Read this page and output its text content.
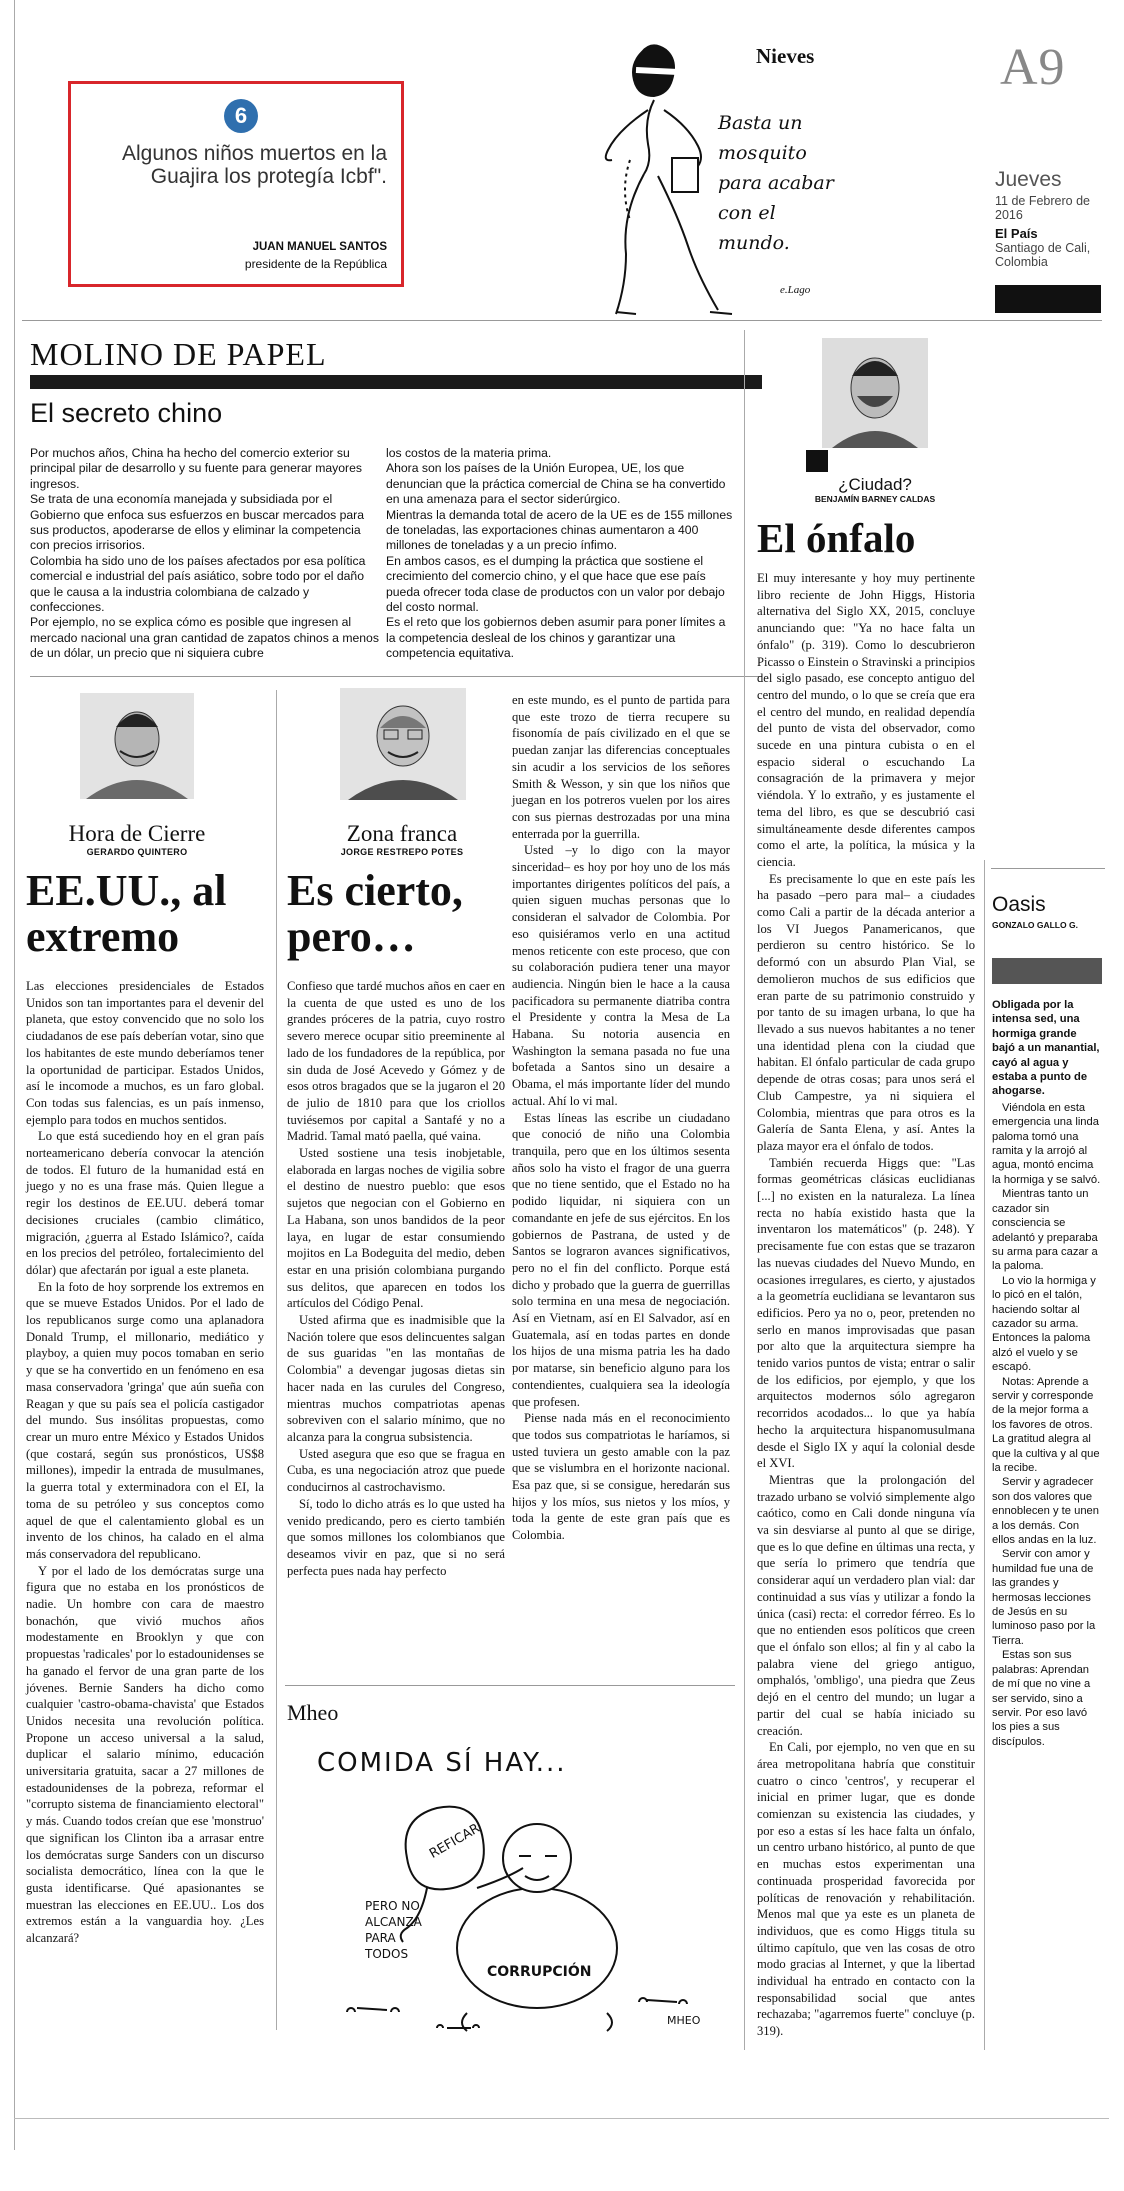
6
Algunos niños muertos en la Guajira los protegía Icbf".
JUAN MANUEL SANTOS
presidente de la República
Nieves
Basta un mosquito para acabar con el mundo.
e.Lago
A9
Jueves
11 de Febrero de 2016
El País
Santiago de Cali, Colombia
MOLINO DE PAPEL
El secreto chino
Por muchos años, China ha hecho del comercio exterior su principal pilar de desarrollo y su fuente para generar mayores ingresos.
Se trata de una economía manejada y subsidiada por el Gobierno que enfoca sus esfuerzos en buscar mercados para sus productos, apoderarse de ellos y eliminar la competencia con precios irrisorios.
Colombia ha sido uno de los países afectados por esa política comercial e industrial del país asiático, sobre todo por el daño que le causa a la industria colombiana de calzado y confecciones.
Por ejemplo, no se explica cómo es posible que ingresen al mercado nacional una gran cantidad de zapatos chinos a menos de un dólar, un precio que ni siquiera cubre
los costos de la materia prima.
Ahora son los países de la Unión Europea, UE, los que denuncian que la práctica comercial de China se ha convertido en una amenaza para el sector siderúrgico.
Mientras la demanda total de acero de la UE es de 155 millones de toneladas, las exportaciones chinas aumentaron a 400 millones de toneladas y a un precio ínfimo.
En ambos casos, es el dumping la práctica que sostiene el crecimiento del comercio chino, y el que hace que ese país pueda ofrecer toda clase de productos con un valor por debajo del costo normal.
Es el reto que los gobiernos deben asumir para poner límites a la competencia desleal de los chinos y garantizar una competencia equitativa.
¿Ciudad?
BENJAMÍN BARNEY CALDAS
El ónfalo

El muy interesante y hoy muy pertinente libro reciente de John Higgs, Historia alternativa del Siglo XX, 2015, concluye anunciando que: "Ya no hace falta un ónfalo" (p. 319). Como lo descubrieron Picasso o Einstein o Stravinski a principios del siglo pasado, ese concepto antiguo del centro del mundo, o lo que se creía que era el centro del mundo, en realidad dependía del punto de vista del observador, como sucede en una pintura cubista o en el espacio sideral o escuchando La consagración de la primavera y mejor viéndola. Y lo extraño, y es justamente el tema del libro, es que se descubrió casi simultáneamente desde diferentes campos como el arte, la política, la música y la ciencia.

Es precisamente lo que en este país les ha pasado –pero para mal– a ciudades como Cali a partir de la década anterior a los VI Juegos Panamericanos, que perdieron su centro histórico. Se lo deformó con un absurdo Plan Vial, se demolieron muchos de sus edificios que eran parte de su patrimonio construido y por tanto de su imagen urbana, lo que ha llevado a sus nuevos habitantes a no tener una identidad plena con la ciudad que habitan. El ónfalo particular de cada grupo depende de otras cosas; para unos será el Club Campestre, ya ni siquiera el Colombia, mientras que para otros es la Galería de Santa Elena, y así. Antes la plaza mayor era el ónfalo de todos.

También recuerda Higgs que: "Las formas geométricas clásicas euclidianas [...] no existen en la naturaleza. La línea recta no había existido hasta que la inventaron los matemáticos" (p. 248). Y precisamente fue con estas que se trazaron las nuevas ciudades del Nuevo Mundo, en ocasiones irregulares, es cierto, y ajustados a la geometría euclidiana se levantaron sus edificios. Pero ya no o, peor, pretenden no serlo en manos improvisadas que pasan por alto que la arquitectura siempre ha tenido varios puntos de vista; entrar o salir de los edificios, por ejemplo, y que los arquitectos modernos sólo agregaron recorridos acodados... lo que ya había hecho la arquitectura hispanomusulmana desde el Siglo IX y aquí la colonial desde el XVI.

Mientras que la prolongación del trazado urbano se volvió simplemente algo caótico, como en Cali donde ninguna vía va sin desviarse al punto al que se dirige, que es lo que define en últimas una recta, y que sería lo primero que tendría que considerar aquí un verdadero plan vial: dar continuidad a sus vías y utilizar a fondo la única (casi) recta: el corredor férreo. Es lo que no entienden esos políticos que creen que el ónfalo son ellos; al fin y al cabo la palabra viene del griego antiguo, omphalós, 'ombligo', una piedra que Zeus dejó en el centro del mundo; un lugar a partir del cual se había iniciado su creación.

En Cali, por ejemplo, no ven que en su área metropolitana habría que constituir cuatro o cinco 'centros', y recuperar el inicial en primer lugar, que es donde comienzan su existencia las ciudades, y por eso a estas sí les hace falta un ónfalo, un centro urbano histórico, al punto de que en muchas estos experimentan una continuada prosperidad favorecida por políticas de renovación y rehabilitación. Menos mal que ya este es un planeta de individuos, que es como Higgs titula su último capítulo, que ven las cosas de otro modo gracias al Internet, y que la libertad individual ha entrado en contacto con la responsabilidad social que antes rechazaba; "agarremos fuerte" concluye (p. 319).

Oasis
GONZALO GALLO G.
Obligada por la intensa sed, una hormiga grande bajó a un manantial, cayó al agua y estaba a punto de ahogarse.
Viéndola en esta emergencia una linda paloma tomó una ramita y la arrojó al agua, montó encima la hormiga y se salvó.
Mientras tanto un cazador sin consciencia se adelantó y preparaba su arma para cazar a la paloma.
Lo vio la hormiga y lo picó en el talón, haciendo soltar al cazador su arma. Entonces la paloma alzó el vuelo y se escapó.
Notas: Aprende a servir y corresponde de la mejor forma a los favores de otros. La gratitud alegra al que la cultiva y al que la recibe.
Servir y agradecer son dos valores que ennoblecen y te unen a los demás. Con ellos andas en la luz.
Servir con amor y humildad fue una de las grandes y hermosas lecciones de Jesús en su luminoso paso por la Tierra.
Estas son sus palabras: Aprendan de mí que no vine a ser servido, sino a servir. Por eso lavó los pies a sus discípulos.
Hora de Cierre
GERARDO QUINTERO
EE.UU., al extremo

Las elecciones presidenciales de Estados Unidos son tan importantes para el devenir del planeta, que estoy convencido que no solo los ciudadanos de ese país deberían votar, sino que los habitantes de este mundo deberíamos tener la oportunidad de participar. Estados Unidos, así le incomode a muchos, es un faro global. Con todas sus falencias, es un país inmenso, ejemplo para todos en muchos sentidos.

Lo que está sucediendo hoy en el gran país norteamericano debería convocar la atención de todos. El futuro de la humanidad está en juego y no es una frase más. Quien llegue a regir los destinos de EE.UU. deberá tomar decisiones cruciales (cambio climático, migración, ¿guerra al Estado Islámico?, caída en los precios del petróleo, fortalecimiento del dólar) que afectarán por igual a este planeta.

En la foto de hoy sorprende los extremos en que se mueve Estados Unidos. Por el lado de los republicanos surge como una aplanadora Donald Trump, el millonario, mediático y playboy, a quien muy pocos tomaban en serio y que se ha convertido en un fenómeno en esa masa conservadora 'gringa' que aún sueña con Reagan y que su país sea el policía castigador del mundo. Sus insólitas propuestas, como crear un muro entre México y Estados Unidos (que costará, según sus pronósticos, US$8 millones), impedir la entrada de musulmanes, la guerra total y exterminadora con el EI, la toma de su petróleo y sus conceptos como aquel de que el calentamiento global es un invento de los chinos, ha calado en el alma más conservadora del republicano.

Y por el lado de los demócratas surge una figura que no estaba en los pronósticos de nadie. Un hombre con cara de maestro bonachón, que vivió muchos años modestamente en Brooklyn y que con propuestas 'radicales' por lo estadounidenses se ha ganado el fervor de una gran parte de los jóvenes. Bernie Sanders ha dicho como cualquier 'castro-obama-chavista' que Estados Unidos necesita una revolución política. Propone un acceso universal a la salud, duplicar el salario mínimo, educación universitaria gratuita, sacar a 27 millones de estadounidenses de la pobreza, reformar el "corrupto sistema de financiamiento electoral" y más. Cuando todos creían que ese 'monstruo' que significan los Clinton iba a arrasar entre los demócratas surge Sanders con un discurso socialista democrático, línea con la que le gusta identificarse. Qué apasionantes se muestran las elecciones en EE.UU.. Los dos extremos están a la vanguardia hoy. ¿Les alcanzará?

Zona franca
JORGE RESTREPO POTES
Es cierto, pero…

Confieso que tardé muchos años en caer en la cuenta de que usted es uno de los grandes próceres de la patria, cuyo rostro severo merece ocupar sitio preeminente al lado de los fundadores de la república, por sin duda de José Acevedo y Gómez y de esos otros bragados que se la jugaron el 20 de julio de 1810 para que los criollos tuviésemos por capital a Santafé y no a Madrid. Tamal mató paella, qué vaina.

Usted sostiene una tesis inobjetable, elaborada en largas noches de vigilia sobre el destino de nuestro pueblo: que esos sujetos que negocian con el Gobierno en La Habana, son unos bandidos de la peor laya, en lugar de estar consumiendo mojitos en La Bodeguita del medio, deben estar en una prisión colombiana purgando sus delitos, que aparecen en todos los artículos del Código Penal.

Usted afirma que es inadmisible que la Nación tolere que esos delincuentes salgan de sus guaridas "en las montañas de Colombia" a devengar jugosas dietas sin hacer nada en las curules del Congreso, mientras muchos compatriotas apenas sobreviven con el salario mínimo, que no alcanza para la congrua subsistencia.

Usted asegura que eso que se fragua en Cuba, es una negociación atroz que puede conducirnos al castrochavismo.

Sí, todo lo dicho atrás es lo que usted ha venido predicando, pero es cierto también que somos millones los colombianos que deseamos vivir en paz, que si no será perfecta pues nada hay perfecto

en este mundo, es el punto de partida para que este trozo de tierra recupere su fisonomía de país civilizado en el que se puedan zanjar las diferencias conceptuales sin acudir a los servicios de los señores Smith & Wesson, y sin que los niños que juegan en los potreros vuelen por los aires con sus piernas destrozadas por una mina enterrada por la guerrilla.

Usted –y lo digo con la mayor sinceridad– es hoy por hoy uno de los más importantes dirigentes políticos del país, a quien siguen muchas personas que lo consideran el salvador de Colombia. Por eso quisiéramos verlo en una actitud menos reticente con este proceso, que con su colaboración pudiera tener una mayor audiencia. Ningún bien le hace a la causa pacificadora su permanente diatriba contra el Presidente y contra la Mesa de La Habana. Su notoria ausencia en Washington la semana pasada no fue una bofetada a Santos sino un desaire a Obama, el más importante líder del mundo actual. Ahí lo vi mal.

Estas líneas las escribe un ciudadano que conoció de niño una Colombia tranquila, pero que en los últimos sesenta años solo ha visto el fragor de una guerra que no tiene sentido, que el Estado no ha podido liquidar, ni siquiera con un comandante en jefe de sus ejércitos. En los gobiernos de Pastrana, de usted y de Santos se lograron avances significativos, pero no el fin del conflicto. Porque está dicho y probado que la guerra de guerrillas solo termina en una mesa de negociación. Así en Vietnam, así en El Salvador, así en Guatemala, así en todas partes en donde los hijos de una misma patria les ha dado por matarse, sin beneficio alguno para los contendientes, cualquiera sea la ideología que profesen.

Piense nada más en el reconocimiento que todos sus compatriotas le haríamos, si usted tuviera un gesto amable con la paz que se vislumbra en el horizonte nacional. Esa paz que, si se consigue, heredarán sus hijos y los míos, sus nietos y los míos, y toda la gente de este gran país que es Colombia.

Mheo
COMIDA SÍ HAY...
REFICAR
CORRUPCIÓN
PERO NO ALCANZA PARA TODOS
MHEO
